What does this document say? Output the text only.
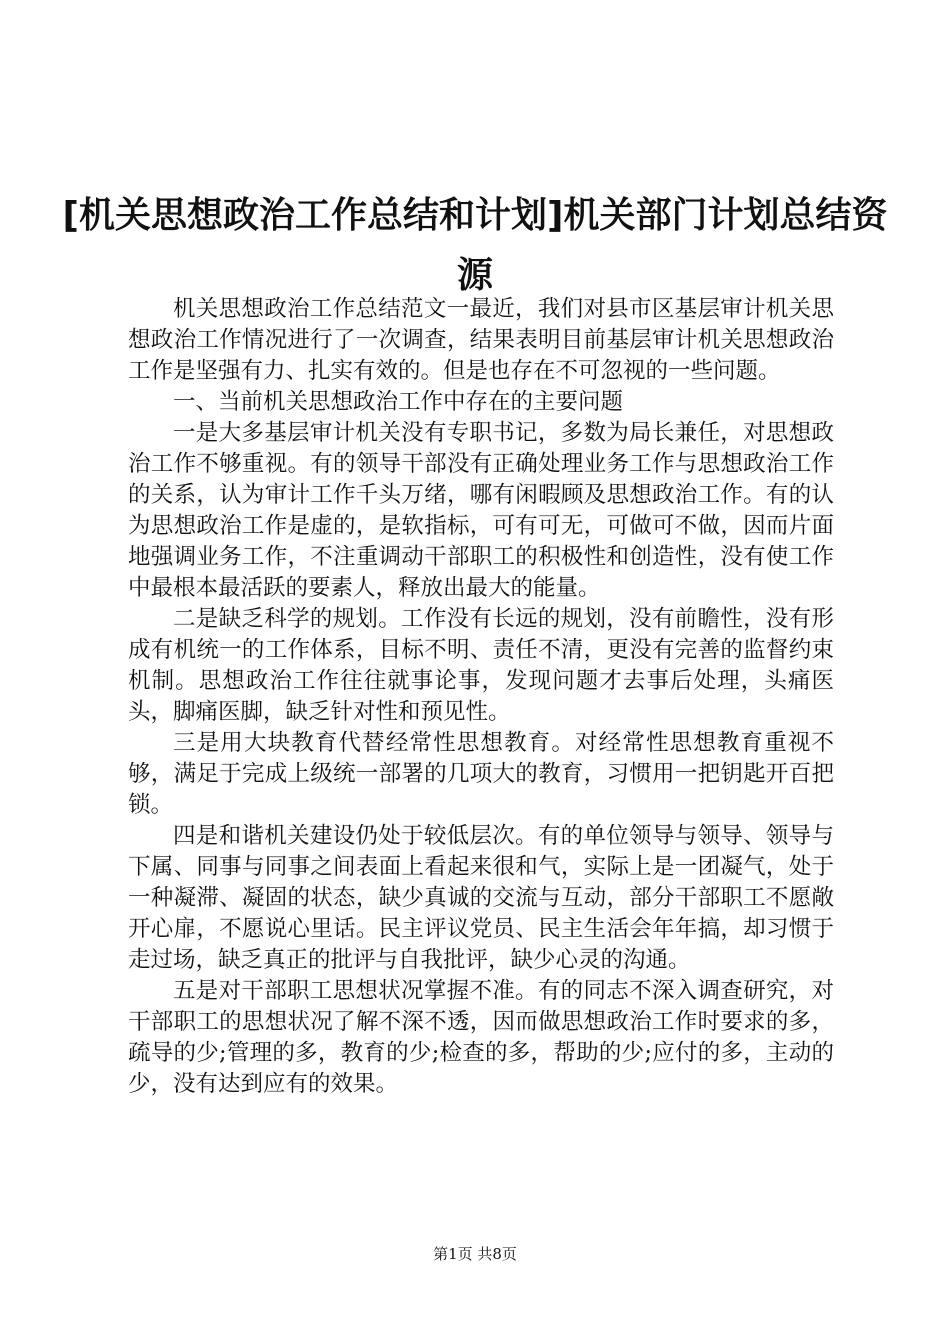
[机关思想政治工作总结和计划]机关部门计划总结资源

机关思想政治工作总结范文一最近，我们对县市区基层审计机关思想政治工作情况进行了一次调查，结果表明目前基层审计机关思想政治工作是坚强有力、扎实有效的。但是也存在不可忽视的一些问题。

一、当前机关思想政治工作中存在的主要问题

一是大多基层审计机关没有专职书记，多数为局长兼任，对思想政治工作不够重视。有的领导干部没有正确处理业务工作与思想政治工作的关系，认为审计工作千头万绪，哪有闲暇顾及思想政治工作。有的认为思想政治工作是虚的，是软指标，可有可无，可做可不做，因而片面地强调业务工作，不注重调动干部职工的积极性和创造性，没有使工作中最根本最活跃的要素人，释放出最大的能量。

二是缺乏科学的规划。工作没有长远的规划，没有前瞻性，没有形成有机统一的工作体系，目标不明、责任不清，更没有完善的监督约束机制。思想政治工作往往就事论事，发现问题才去事后处理，头痛医头，脚痛医脚，缺乏针对性和预见性。

三是用大块教育代替经常性思想教育。对经常性思想教育重视不够，满足于完成上级统一部署的几项大的教育，习惯用一把钥匙开百把锁。

四是和谐机关建设仍处于较低层次。有的单位领导与领导、领导与下属、同事与同事之间表面上看起来很和气，实际上是一团凝气，处于一种凝滞、凝固的状态，缺少真诚的交流与互动，部分干部职工不愿敞开心扉，不愿说心里话。民主评议党员、民主生活会年年搞，却习惯于走过场，缺乏真正的批评与自我批评，缺少心灵的沟通。

五是对干部职工思想状况掌握不准。有的同志不深入调查研究，对干部职工的思想状况了解不深不透，因而做思想政治工作时要求的多，疏导的少;管理的多，教育的少;检查的多，帮助的少;应付的多，主动的少，没有达到应有的效果。

第1页 共8页
